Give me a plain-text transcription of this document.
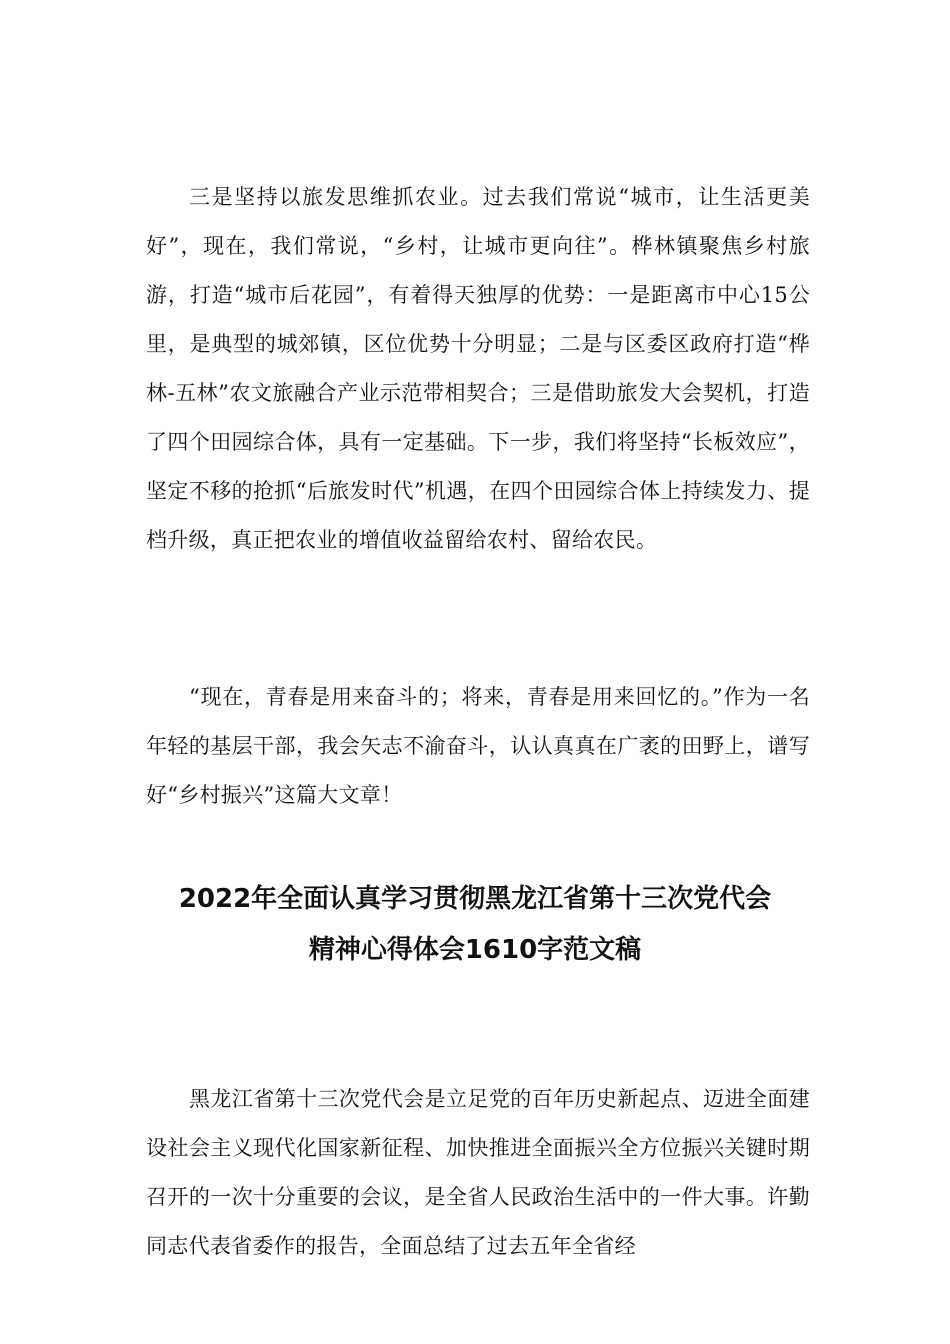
三是坚持以旅发思维抓农业。过去我们常说“城市，让生活更美好”，现在，我们常说，“乡村，让城市更向往”。桦林镇聚焦乡村旅游，打造“城市后花园”，有着得天独厚的优势：一是距离市中心15公里，是典型的城郊镇，区位优势十分明显；二是与区委区政府打造“桦林-五林”农文旅融合产业示范带相契合；三是借助旅发大会契机，打造了四个田园综合体，具有一定基础。下一步，我们将坚持“长板效应”，坚定不移的抢抓“后旅发时代”机遇，在四个田园综合体上持续发力、提档升级，真正把农业的增值收益留给农村、留给农民。

“现在，青春是用来奋斗的；将来，青春是用来回忆的。”作为一名年轻的基层干部，我会矢志不渝奋斗，认认真真在广袤的田野上，谱写好“乡村振兴”这篇大文章！

2022年全面认真学习贯彻黑龙江省第十三次党代会
精神心得体会1610字范文稿

黑龙江省第十三次党代会是立足党的百年历史新起点、迈进全面建设社会主义现代化国家新征程、加快推进全面振兴全方位振兴关键时期召开的一次十分重要的会议，是全省人民政治生活中的一件大事。许勤同志代表省委作的报告，全面总结了过去五年全省经
